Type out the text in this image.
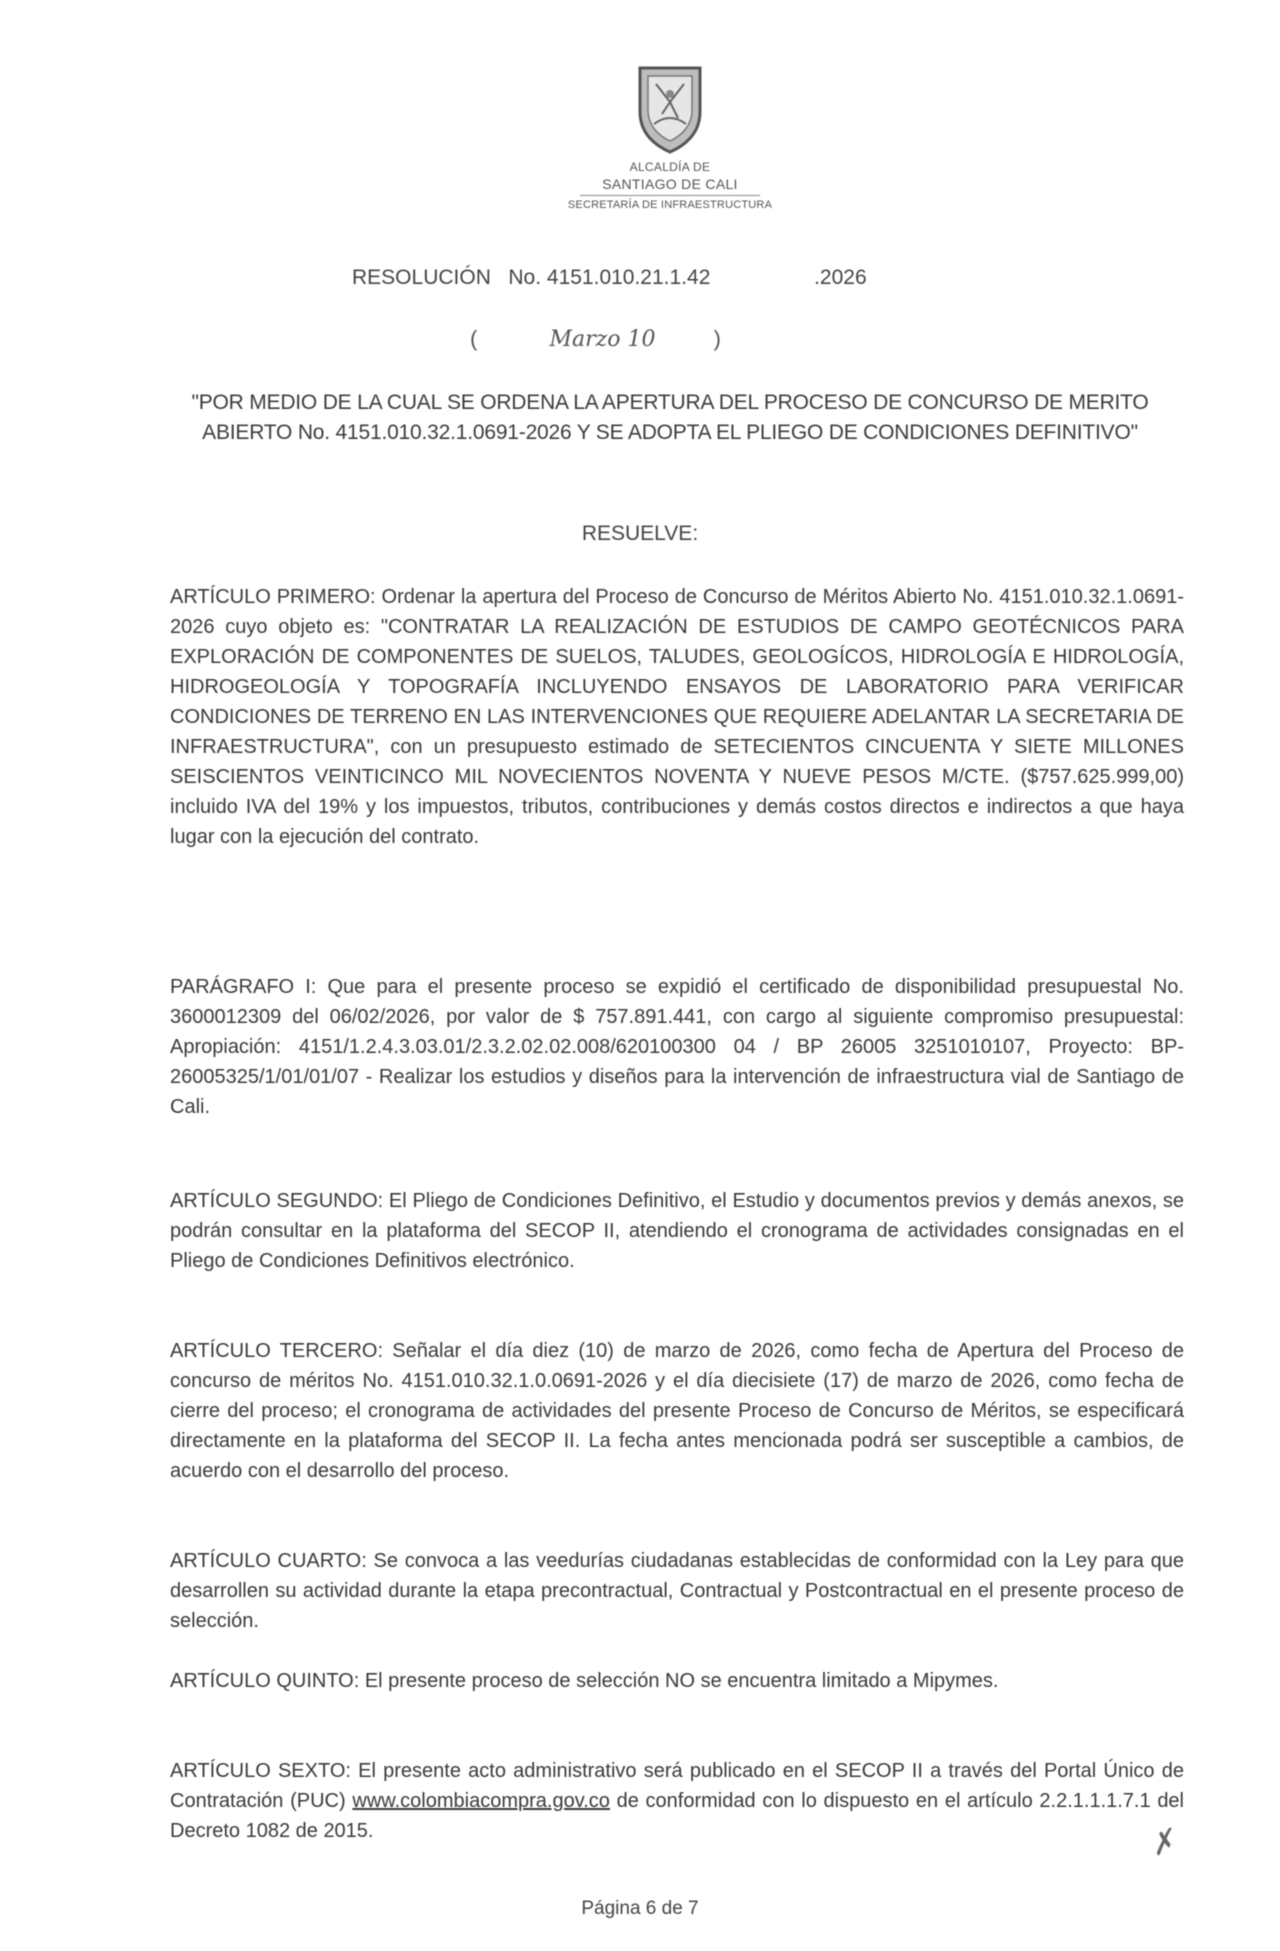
ALCALDÍA DE
SANTIAGO DE CALI
SECRETARÍA DE INFRAESTRUCTURA
RESOLUCIÓN No. 4151.010.21.1.42	.2026
(	Marzo 10	)
"POR MEDIO DE LA CUAL SE ORDENA LA APERTURA DEL PROCESO DE CONCURSO DE MERITO ABIERTO No. 4151.010.32.1.0691-2026 Y SE ADOPTA EL PLIEGO DE CONDICIONES DEFINITIVO"
RESUELVE:
ARTÍCULO PRIMERO: Ordenar la apertura del Proceso de Concurso de Méritos Abierto No. 4151.010.32.1.0691-2026 cuyo objeto es: "CONTRATAR LA REALIZACIÓN DE ESTUDIOS DE CAMPO GEOTÉCNICOS PARA EXPLORACIÓN DE COMPONENTES DE SUELOS, TALUDES, GEOLOGÍCOS, HIDROLOGÍA E HIDROLOGÍA, HIDROGEOLOGÍA Y TOPOGRAFÍA INCLUYENDO ENSAYOS DE LABORATORIO PARA VERIFICAR CONDICIONES DE TERRENO EN LAS INTERVENCIONES QUE REQUIERE ADELANTAR LA SECRETARIA DE INFRAESTRUCTURA", con un presupuesto estimado de SETECIENTOS CINCUENTA Y SIETE MILLONES SEISCIENTOS VEINTICINCO MIL NOVECIENTOS NOVENTA Y NUEVE PESOS M/CTE. ($757.625.999,00) incluido IVA del 19% y los impuestos, tributos, contribuciones y demás costos directos e indirectos a que haya lugar con la ejecución del contrato.
PARÁGRAFO I: Que para el presente proceso se expidió el certificado de disponibilidad presupuestal No. 3600012309 del 06/02/2026, por valor de $ 757.891.441, con cargo al siguiente compromiso presupuestal: Apropiación: 4151/1.2.4.3.03.01/2.3.2.02.02.008/620100300 04 / BP 26005 3251010107, Proyecto: BP-26005325/1/01/01/07 - Realizar los estudios y diseños para la intervención de infraestructura vial de Santiago de Cali.
ARTÍCULO SEGUNDO: El Pliego de Condiciones Definitivo, el Estudio y documentos previos y demás anexos, se podrán consultar en la plataforma del SECOP II, atendiendo el cronograma de actividades consignadas en el Pliego de Condiciones Definitivos electrónico.
ARTÍCULO TERCERO: Señalar el día diez (10) de marzo de 2026, como fecha de Apertura del Proceso de concurso de méritos No. 4151.010.32.1.0.0691-2026 y el día diecisiete (17) de marzo de 2026, como fecha de cierre del proceso; el cronograma de actividades del presente Proceso de Concurso de Méritos, se especificará directamente en la plataforma del SECOP II. La fecha antes mencionada podrá ser susceptible a cambios, de acuerdo con el desarrollo del proceso.
ARTÍCULO CUARTO: Se convoca a las veedurías ciudadanas establecidas de conformidad con la Ley para que desarrollen su actividad durante la etapa precontractual, Contractual y Postcontractual en el presente proceso de selección.
ARTÍCULO QUINTO: El presente proceso de selección NO se encuentra limitado a Mipymes.
ARTÍCULO SEXTO: El presente acto administrativo será publicado en el SECOP II a través del Portal Único de Contratación (PUC) www.colombiacompra.gov.co de conformidad con lo dispuesto en el artículo 2.2.1.1.1.7.1 del Decreto 1082 de 2015.	✗
Página 6 de 7
